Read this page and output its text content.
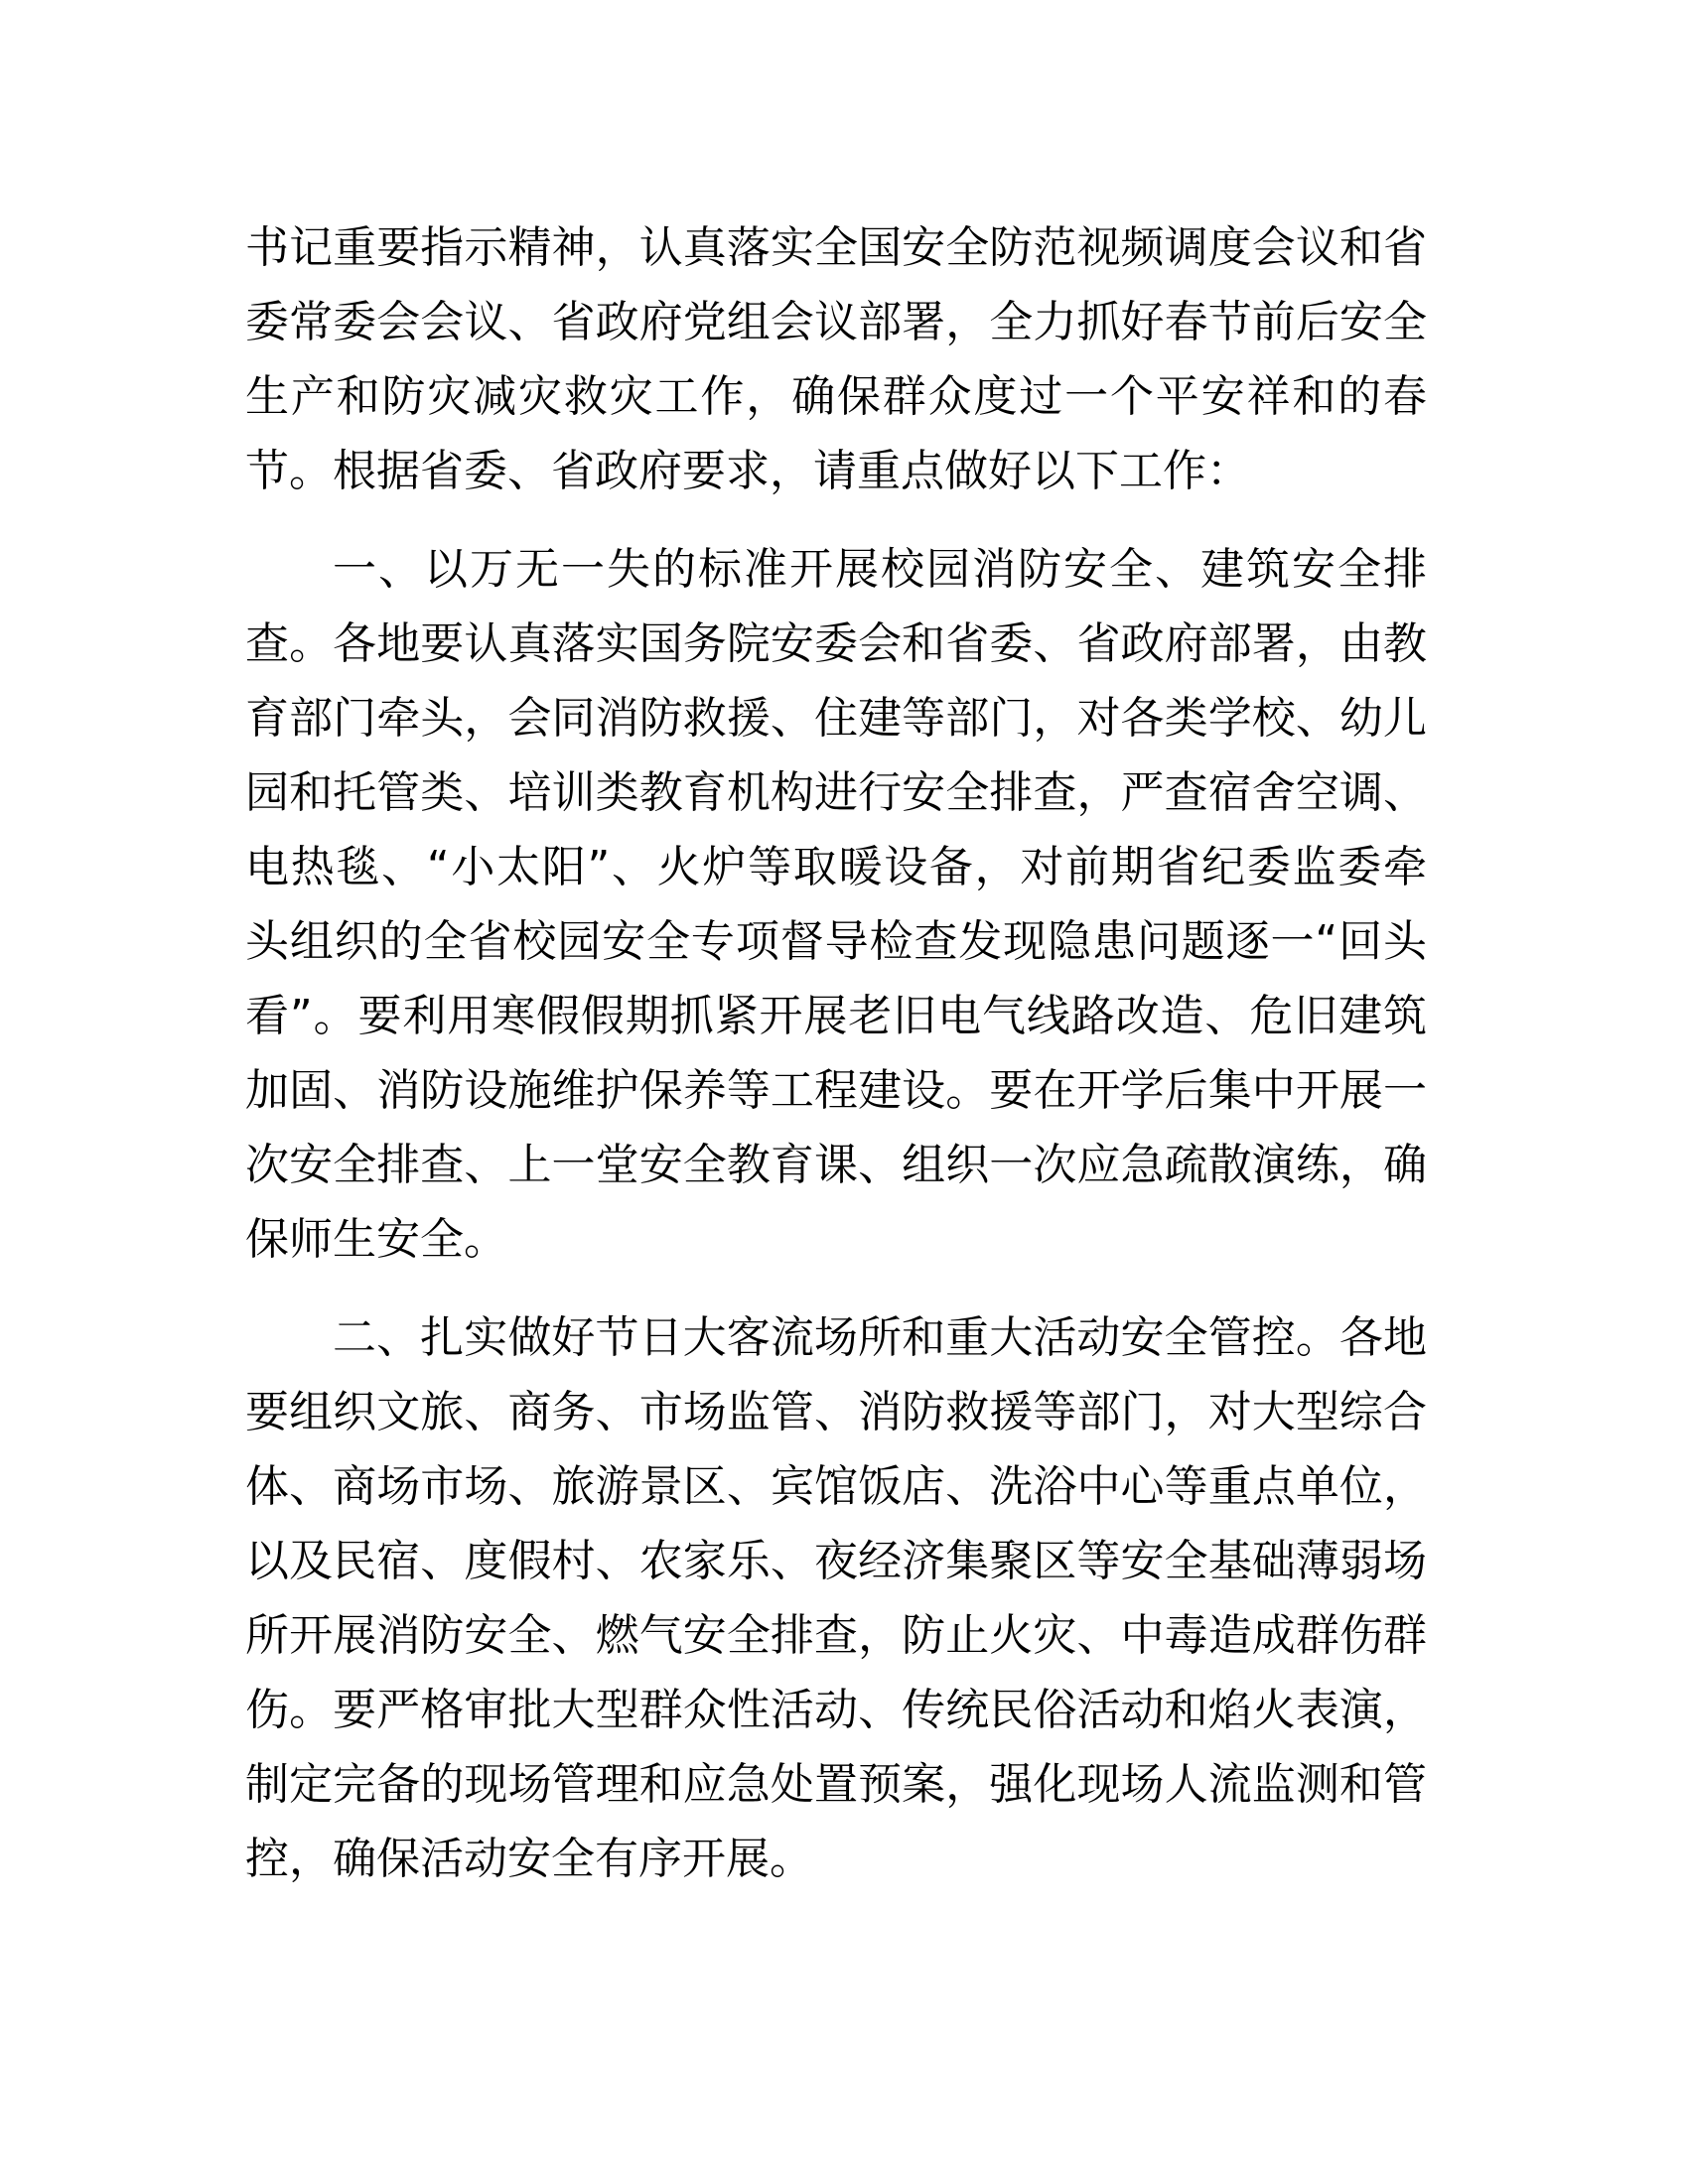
书记重要指示精神，认真落实全国安全防范视频调度会议和省
委常委会会议、省政府党组会议部署，全力抓好春节前后安全
生产和防灾减灾救灾工作，确保群众度过一个平安祥和的春
节。根据省委、省政府要求，请重点做好以下工作：
一、以万无一失的标准开展校园消防安全、建筑安全排
查。各地要认真落实国务院安委会和省委、省政府部署，由教
育部门牵头，会同消防救援、住建等部门，对各类学校、幼儿
园和托管类、培训类教育机构进行安全排查，严查宿舍空调、
电热毯、“小太阳”、火炉等取暖设备，对前期省纪委监委牵
头组织的全省校园安全专项督导检查发现隐患问题逐一“回头
看”。要利用寒假假期抓紧开展老旧电气线路改造、危旧建筑
加固、消防设施维护保养等工程建设。要在开学后集中开展一
次安全排查、上一堂安全教育课、组织一次应急疏散演练，确
保师生安全。
二、扎实做好节日大客流场所和重大活动安全管控。各地
要组织文旅、商务、市场监管、消防救援等部门，对大型综合
体、商场市场、旅游景区、宾馆饭店、洗浴中心等重点单位，
以及民宿、度假村、农家乐、夜经济集聚区等安全基础薄弱场
所开展消防安全、燃气安全排查，防止火灾、中毒造成群伤群
伤。要严格审批大型群众性活动、传统民俗活动和焰火表演，
制定完备的现场管理和应急处置预案，强化现场人流监测和管
控，确保活动安全有序开展。
